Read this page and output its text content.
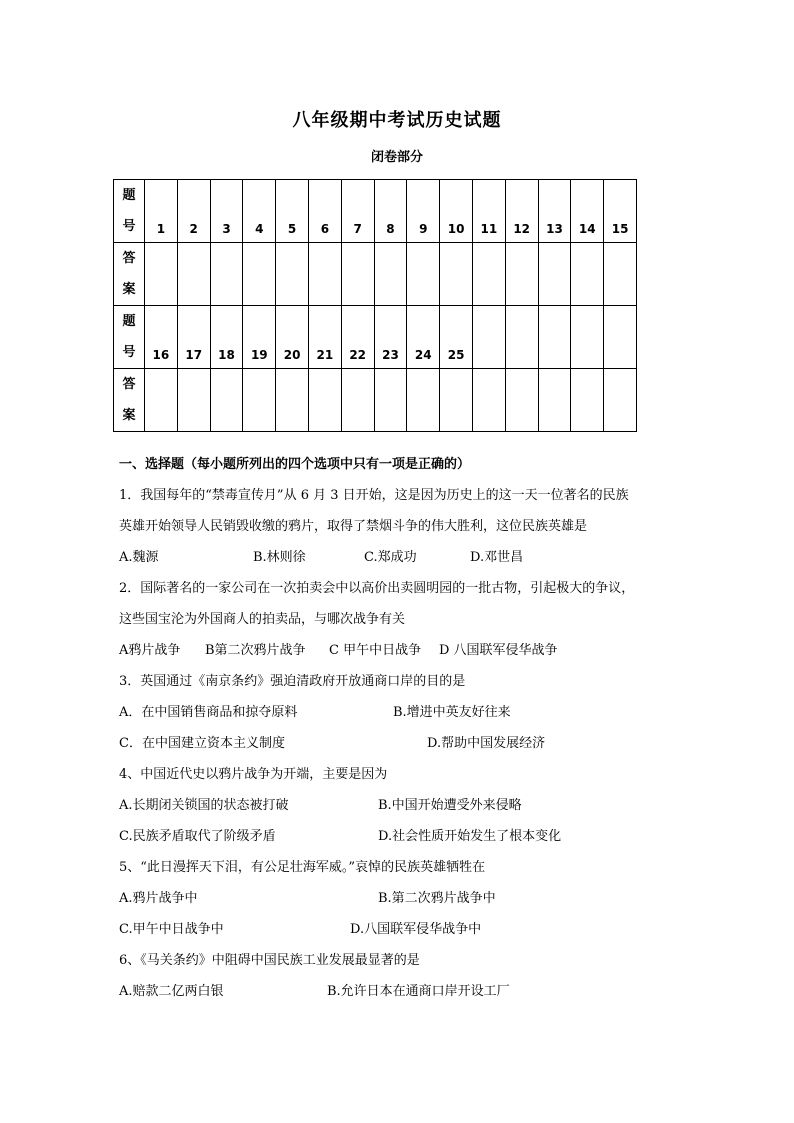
八年级期中考试历史试题
闭卷部分
题
号	1	2	3	4	5	6	7	8	9	10	11	12	13	14	15

答
案															

题
号	16	17	18	19	20	21	22	23	24	25					

答
案															

一、选择题（每小题所列出的四个选项中只有一项是正确的）
1．我国每年的“禁毒宣传月”从 6 月 3 日开始，这是因为历史上的这一天一位著名的民族
英雄开始领导人民销毁收缴的鸦片，取得了禁烟斗争的伟大胜利，这位民族英雄是
A.魏源	B.林则徐	C.郑成功	D.邓世昌
2．国际著名的一家公司在一次拍卖会中以高价出卖圆明园的一批古物，引起极大的争议，
这些国宝沦为外国商人的拍卖品，与哪次战争有关
A鸦片战争	B第二次鸦片战争	C 甲午中日战争	D 八国联军侵华战争
3．英国通过《南京条约》强迫清政府开放通商口岸的目的是
A．在中国销售商品和掠夺原料	B.增进中英友好往来
C．在中国建立资本主义制度	D.帮助中国发展经济
4、中国近代史以鸦片战争为开端，主要是因为
A.长期闭关锁国的状态被打破	B.中国开始遭受外来侵略
C.民族矛盾取代了阶级矛盾	D.社会性质开始发生了根本变化
5、“此日漫挥天下泪，有公足壮海军威。”哀悼的民族英雄牺牲在
A.鸦片战争中	B.第二次鸦片战争中
C.甲午中日战争中	D.八国联军侵华战争中
6、《马关条约》中阻碍中国民族工业发展最显著的是
A.赔款二亿两白银	B.允许日本在通商口岸开设工厂
